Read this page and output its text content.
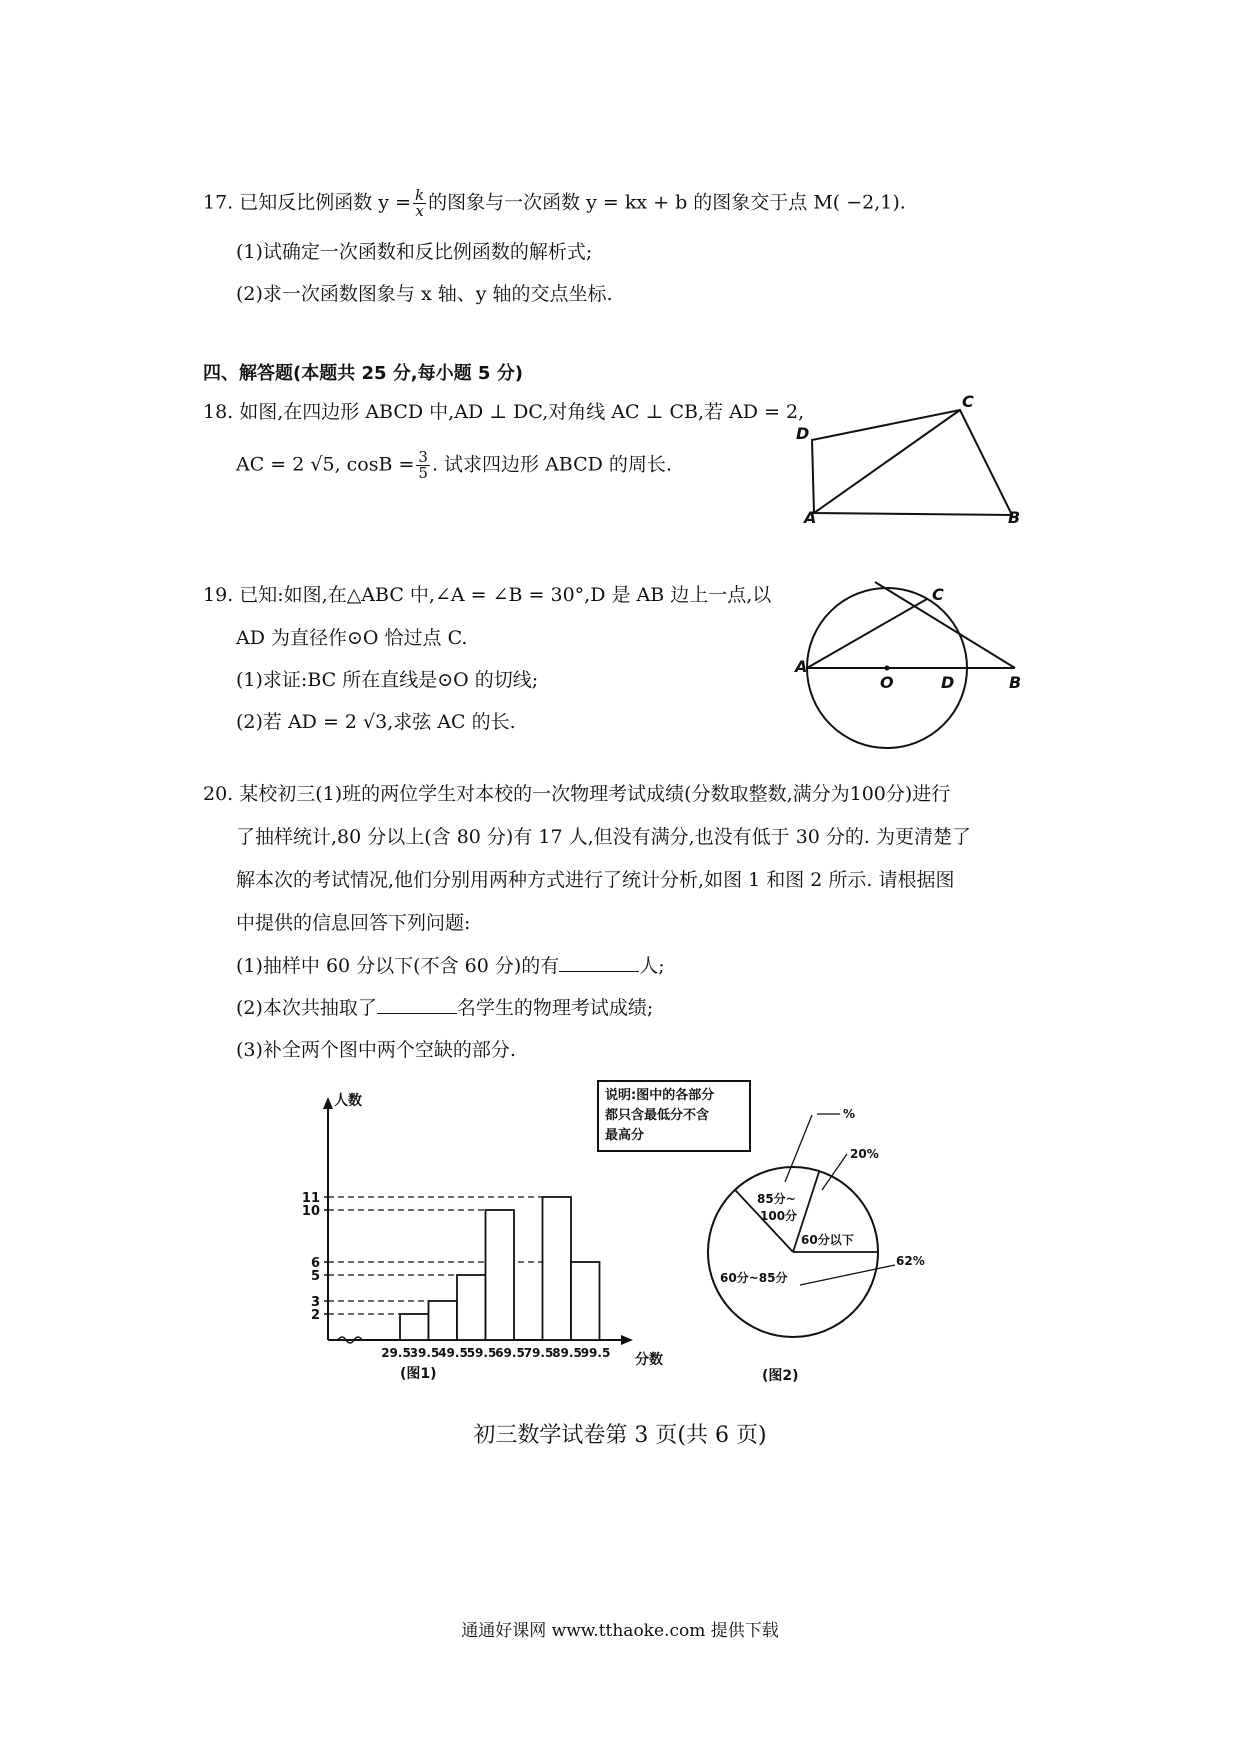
17. 已知反比例函数 $y = \frac{k}{x}$ 的图象与一次函数 y = kx + b 的图象交于点 M( −2,1).
(1)试确定一次函数和反比例函数的解析式;
(2)求一次函数图象与 x 轴、y 轴的交点坐标.
四、解答题(本题共 25 分,每小题 5 分)
18. 如图,在四边形 ABCD 中,AD ⊥ DC,对角线 AC ⊥ CB,若 AD = 2,
AC = 2 √5, $\cos B = \frac{3}{5}$ . 试求四边形 ABCD 的周长.
D
C
A	B
19. 已知:如图,在△ABC 中,∠A = ∠B = 30°,D 是 AB 边上一点,以
AD 为直径作⊙O 恰过点 C.
(1)求证:BC 所在直线是⊙O 的切线;
(2)若 AD = 2 √3,求弦 AC 的长.
A
C
O	D	B
20. 某校初三(1)班的两位学生对本校的一次物理考试成绩(分数取整数,满分为100分)进行
了抽样统计,80 分以上(含 80 分)有 17 人,但没有满分,也没有低于 30 分的. 为更清楚了
解本次的考试情况,他们分别用两种方式进行了统计分析,如图 1 和图 2 所示. 请根据图
中提供的信息回答下列问题:
(1)抽样中 60 分以下(不含 60 分)的有	人;
(2)本次共抽取了	名学生的物理考试成绩;
(3)补全两个图中两个空缺的部分.
说明:图中的各部分
都只含最低分不含
最高分
2
3
5
6
10
11
29.5
39.5
49.5
59.5
69.5
79.5
89.5
99.5
人数
分数
(图1)
85分~
100分
60分以下
60分~85分
%
20%
62%
(图2)
初三数学试卷第 3 页(共 6 页)
通通好课网 www.tthaoke.com 提供下载
